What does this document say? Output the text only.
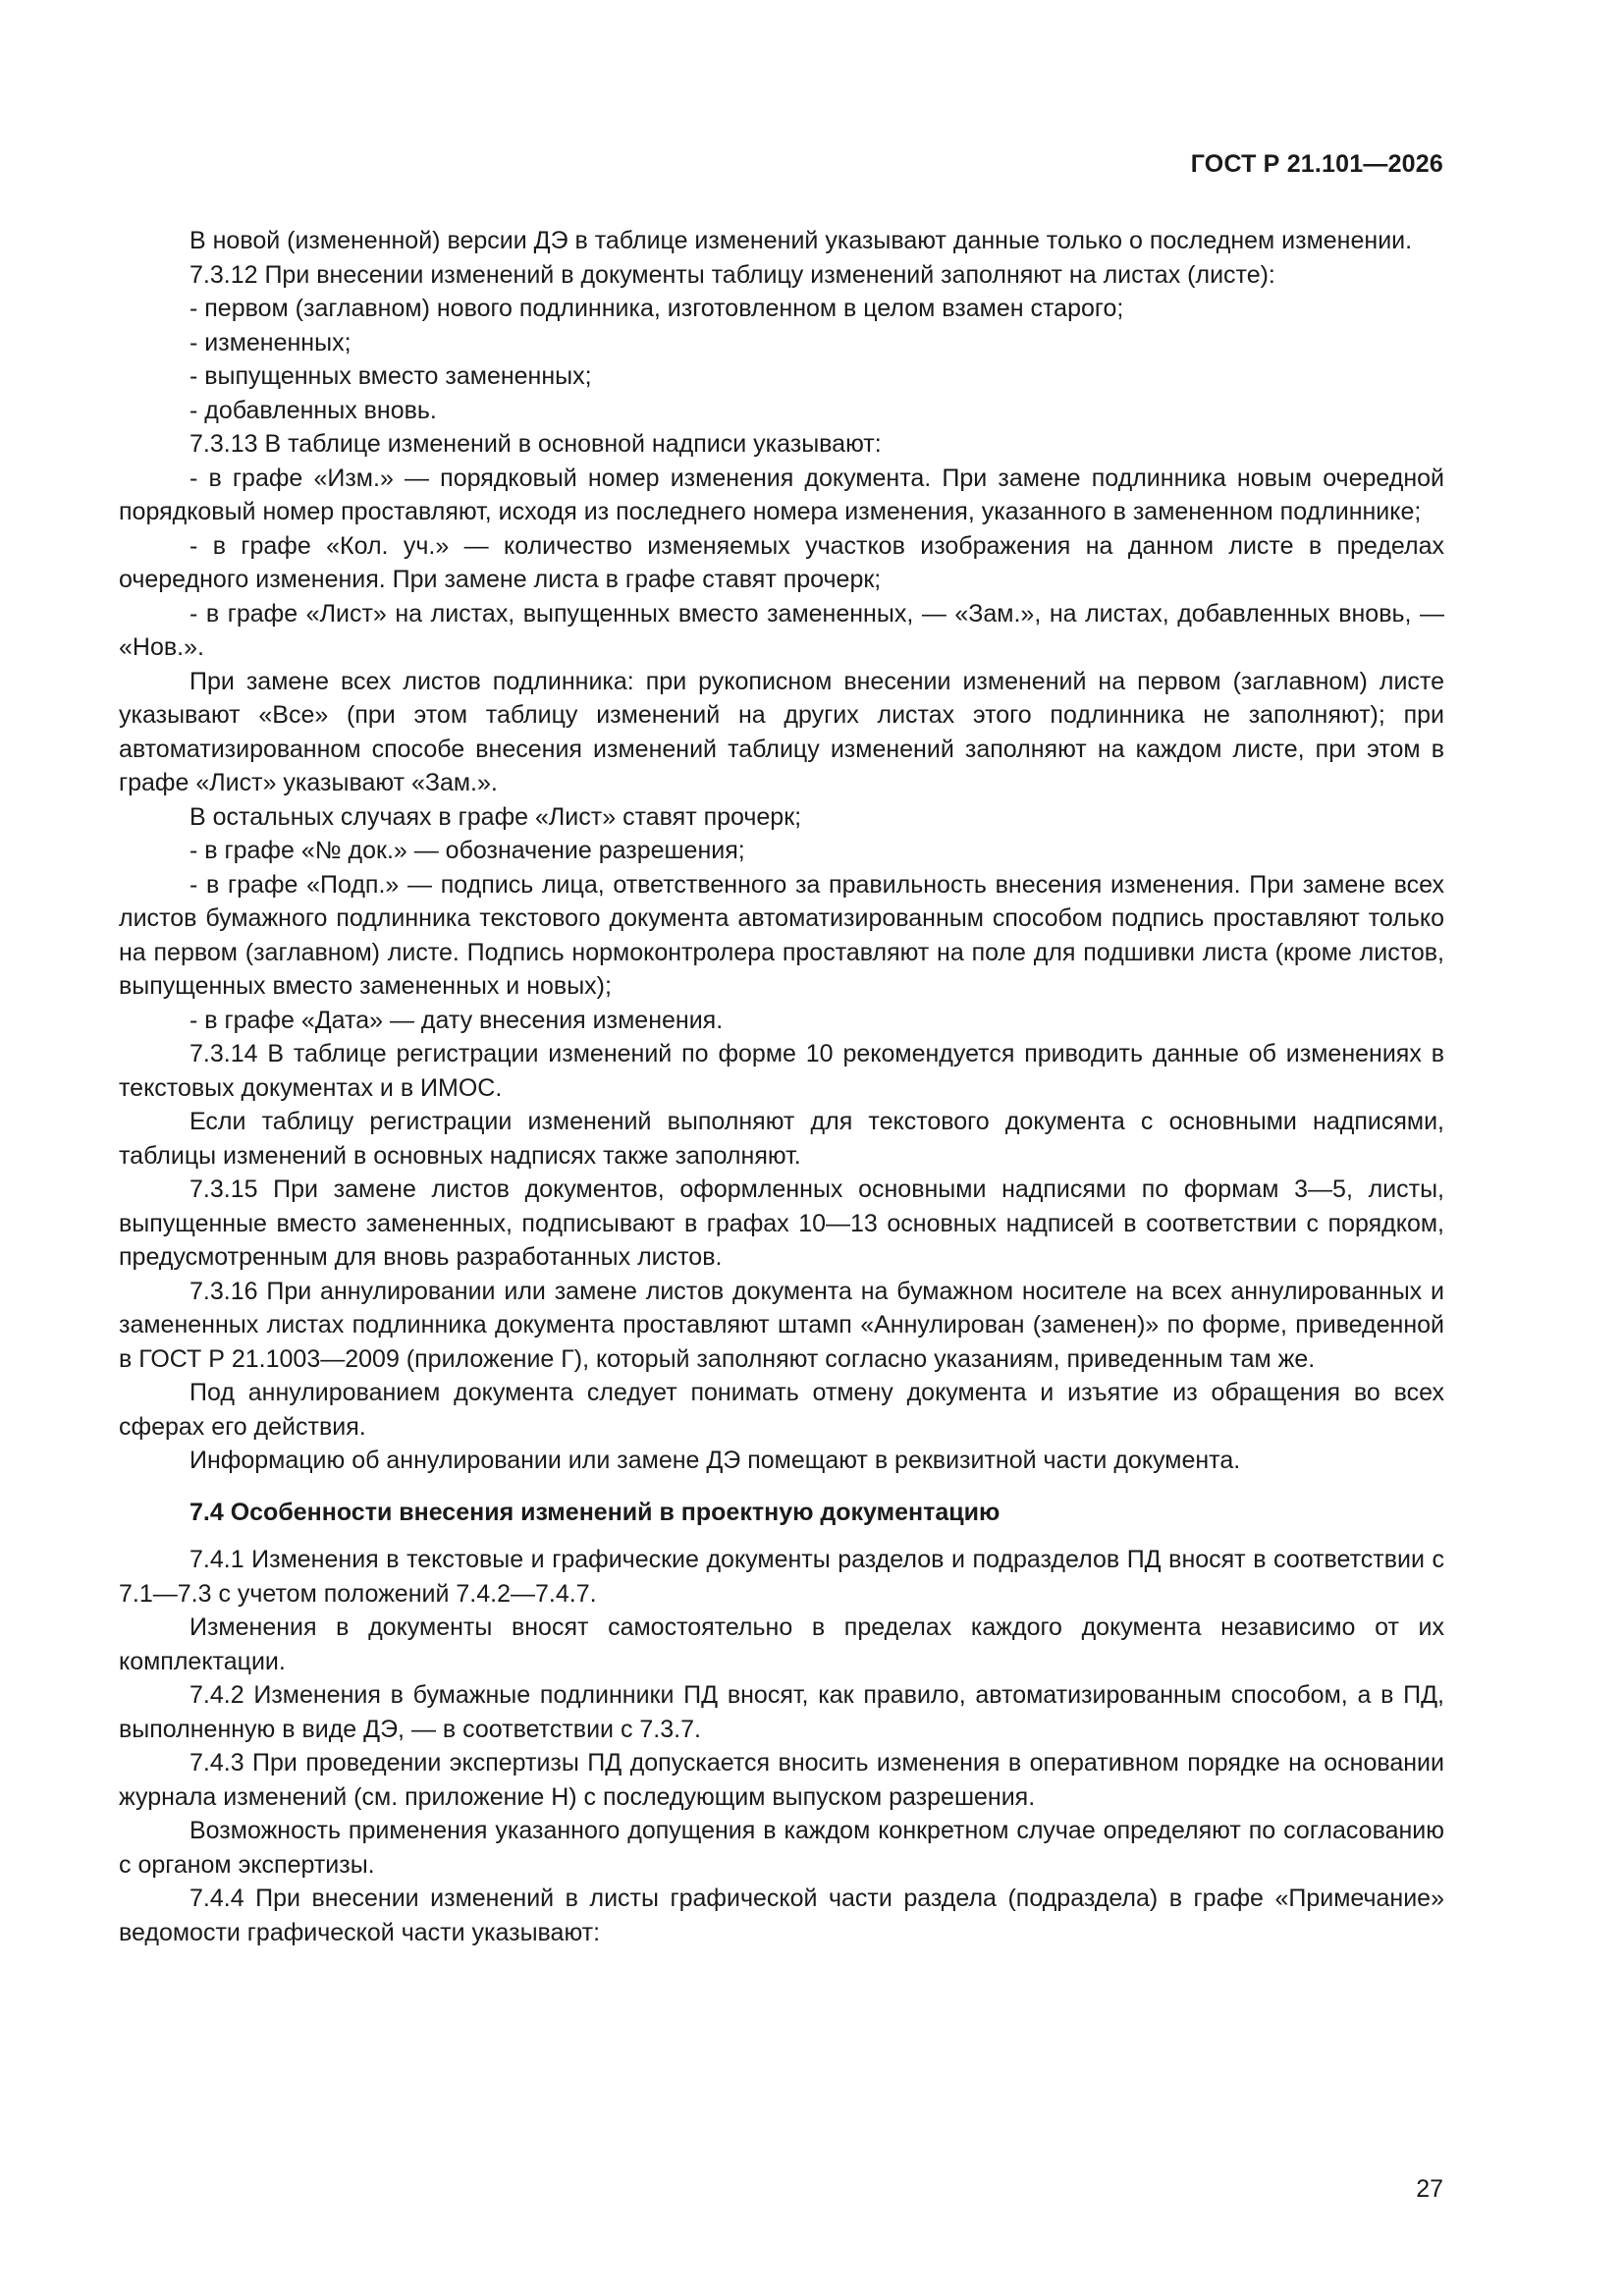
ГОСТ Р 21.101—2026

В новой (измененной) версии ДЭ в таблице изменений указывают данные только о последнем изменении.

7.3.12 При внесении изменений в документы таблицу изменений заполняют на листах (листе):

- первом (заглавном) нового подлинника, изготовленном в целом взамен старого;

- измененных;

- выпущенных вместо замененных;

- добавленных вновь.

7.3.13 В таблице изменений в основной надписи указывают:

- в графе «Изм.» — порядковый номер изменения документа. При замене подлинника новым очередной порядковый номер проставляют, исходя из последнего номера изменения, указанного в замененном подлиннике;

- в графе «Кол. уч.» — количество изменяемых участков изображения на данном листе в пределах очередного изменения. При замене листа в графе ставят прочерк;

- в графе «Лист» на листах, выпущенных вместо замененных, — «Зам.», на листах, добавленных вновь, — «Нов.».

При замене всех листов подлинника: при рукописном внесении изменений на первом (заглавном) листе указывают «Все» (при этом таблицу изменений на других листах этого подлинника не заполняют); при автоматизированном способе внесения изменений таблицу изменений заполняют на каждом листе, при этом в графе «Лист» указывают «Зам.».

В остальных случаях в графе «Лист» ставят прочерк;

- в графе «№ док.» — обозначение разрешения;

- в графе «Подп.» — подпись лица, ответственного за правильность внесения изменения. При замене всех листов бумажного подлинника текстового документа автоматизированным способом подпись проставляют только на первом (заглавном) листе. Подпись нормоконтролера проставляют на поле для подшивки листа (кроме листов, выпущенных вместо замененных и новых);

- в графе «Дата» — дату внесения изменения.

7.3.14 В таблице регистрации изменений по форме 10 рекомендуется приводить данные об изменениях в текстовых документах и в ИМОС.

Если таблицу регистрации изменений выполняют для текстового документа с основными надписями, таблицы изменений в основных надписях также заполняют.

7.3.15 При замене листов документов, оформленных основными надписями по формам 3—5, листы, выпущенные вместо замененных, подписывают в графах 10—13 основных надписей в соответствии с порядком, предусмотренным для вновь разработанных листов.

7.3.16 При аннулировании или замене листов документа на бумажном носителе на всех аннулированных и замененных листах подлинника документа проставляют штамп «Аннулирован (заменен)» по форме, приведенной в ГОСТ Р 21.1003—2009 (приложение Г), который заполняют согласно указаниям, приведенным там же.

Под аннулированием документа следует понимать отмену документа и изъятие из обращения во всех сферах его действия.

Информацию об аннулировании или замене ДЭ помещают в реквизитной части документа.

7.4 Особенности внесения изменений в проектную документацию

7.4.1 Изменения в текстовые и графические документы разделов и подразделов ПД вносят в соответствии с 7.1—7.3 с учетом положений 7.4.2—7.4.7.

Изменения в документы вносят самостоятельно в пределах каждого документа независимо от их комплектации.

7.4.2 Изменения в бумажные подлинники ПД вносят, как правило, автоматизированным способом, а в ПД, выполненную в виде ДЭ, — в соответствии с 7.3.7.

7.4.3 При проведении экспертизы ПД допускается вносить изменения в оперативном порядке на основании журнала изменений (см. приложение Н) с последующим выпуском разрешения.

Возможность применения указанного допущения в каждом конкретном случае определяют по согласованию с органом экспертизы.

7.4.4 При внесении изменений в листы графической части раздела (подраздела) в графе «Примечание» ведомости графической части указывают:

27
